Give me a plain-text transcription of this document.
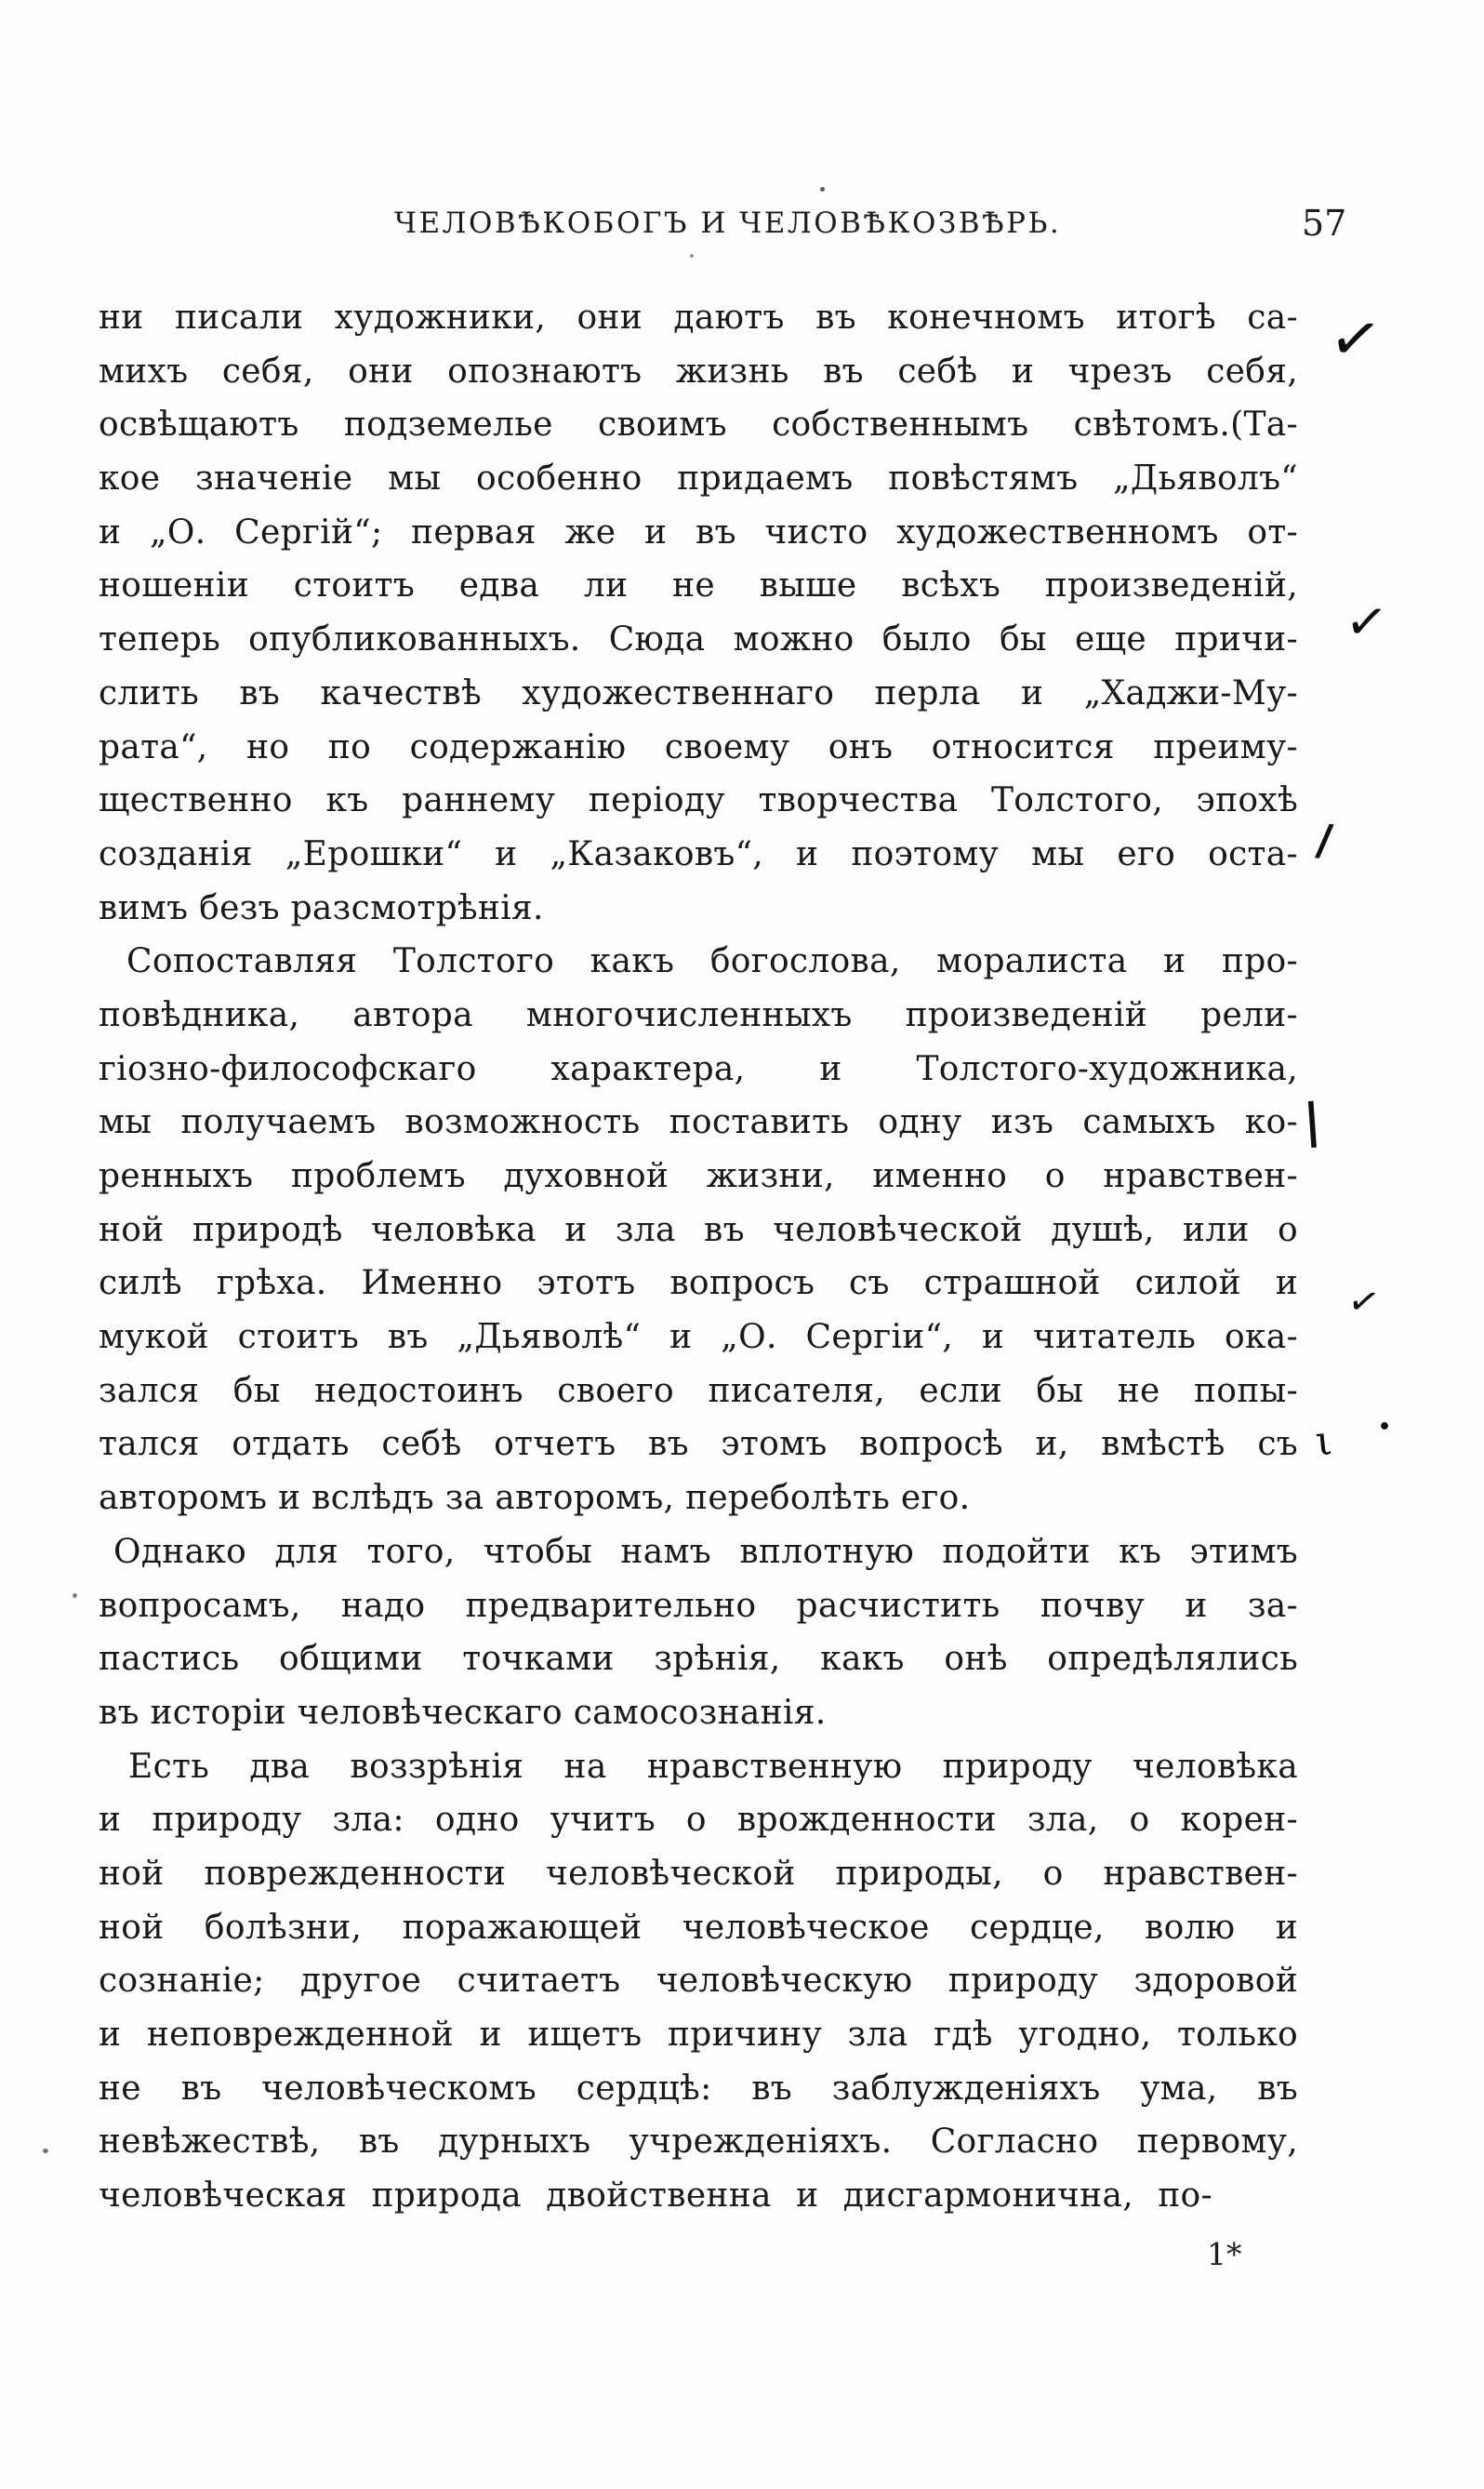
ЧЕЛОВѢКОБОГЪ И ЧЕЛОВѢКОЗВѢРЬ.	57
ни писали художники, они даютъ въ конечномъ итогѣ са-
михъ себя, они опознаютъ жизнь въ себѣ и чрезъ себя,
освѣщаютъ подземелье своимъ собственнымъ свѣтомъ.(Та-
кое значеніе мы особенно придаемъ повѣстямъ „Дьяволъ“
и „О. Сергій“; первая же и въ чисто художественномъ от-
ношеніи стоитъ едва ли не выше всѣхъ произведеній,
теперь опубликованныхъ. Сюда можно было бы еще причи-
слить въ качествѣ художественнаго перла и „Хаджи-Му-
рата“, но по содержанію своему онъ относится преиму-
щественно къ раннему періоду творчества Толстого, эпохѣ
созданія „Ерошки“ и „Казаковъ“, и поэтому мы его оста-
вимъ безъ разсмотрѣнія.
Сопоставляя Толстого какъ богослова, моралиста и про-
повѣдника, автора многочисленныхъ произведеній рели-
гіозно-философскаго характера, и Толстого-художника,
мы получаемъ возможность поставить одну изъ самыхъ ко-
ренныхъ проблемъ духовной жизни, именно о нравствен-
ной природѣ человѣка и зла въ человѣческой душѣ, или о
силѣ грѣха. Именно этотъ вопросъ съ страшной силой и
мукой стоитъ въ „Дьяволѣ“ и „О. Сергіи“, и читатель ока-
зался бы недостоинъ своего писателя, если бы не попы-
тался отдать себѣ отчетъ въ этомъ вопросѣ и, вмѣстѣ съ
авторомъ и вслѣдъ за авторомъ, переболѣть его.
Однако для того, чтобы намъ вплотную подойти къ этимъ
вопросамъ, надо предварительно расчистить почву и за-
пастись общими точками зрѣнія, какъ онѣ опредѣлялись
въ исторіи человѣческаго самосознанія.
Есть два воззрѣнія на нравственную природу человѣка
и природу зла: одно учитъ о врожденности зла, о корен-
ной поврежденности человѣческой природы, о нравствен-
ной болѣзни, поражающей человѣческое сердце, волю и
сознаніе; другое считаетъ человѣческую природу здоровой
и неповрежденной и ищетъ причину зла гдѣ угодно, только
не въ человѣческомъ сердцѣ: въ заблужденіяхъ ума, въ
невѣжествѣ, въ дурныхъ учрежденіяхъ. Согласно первому,
человѣческая природа двойственна и дисгармонична, по-
✓
✓
/
|
✓
ι •
1*
